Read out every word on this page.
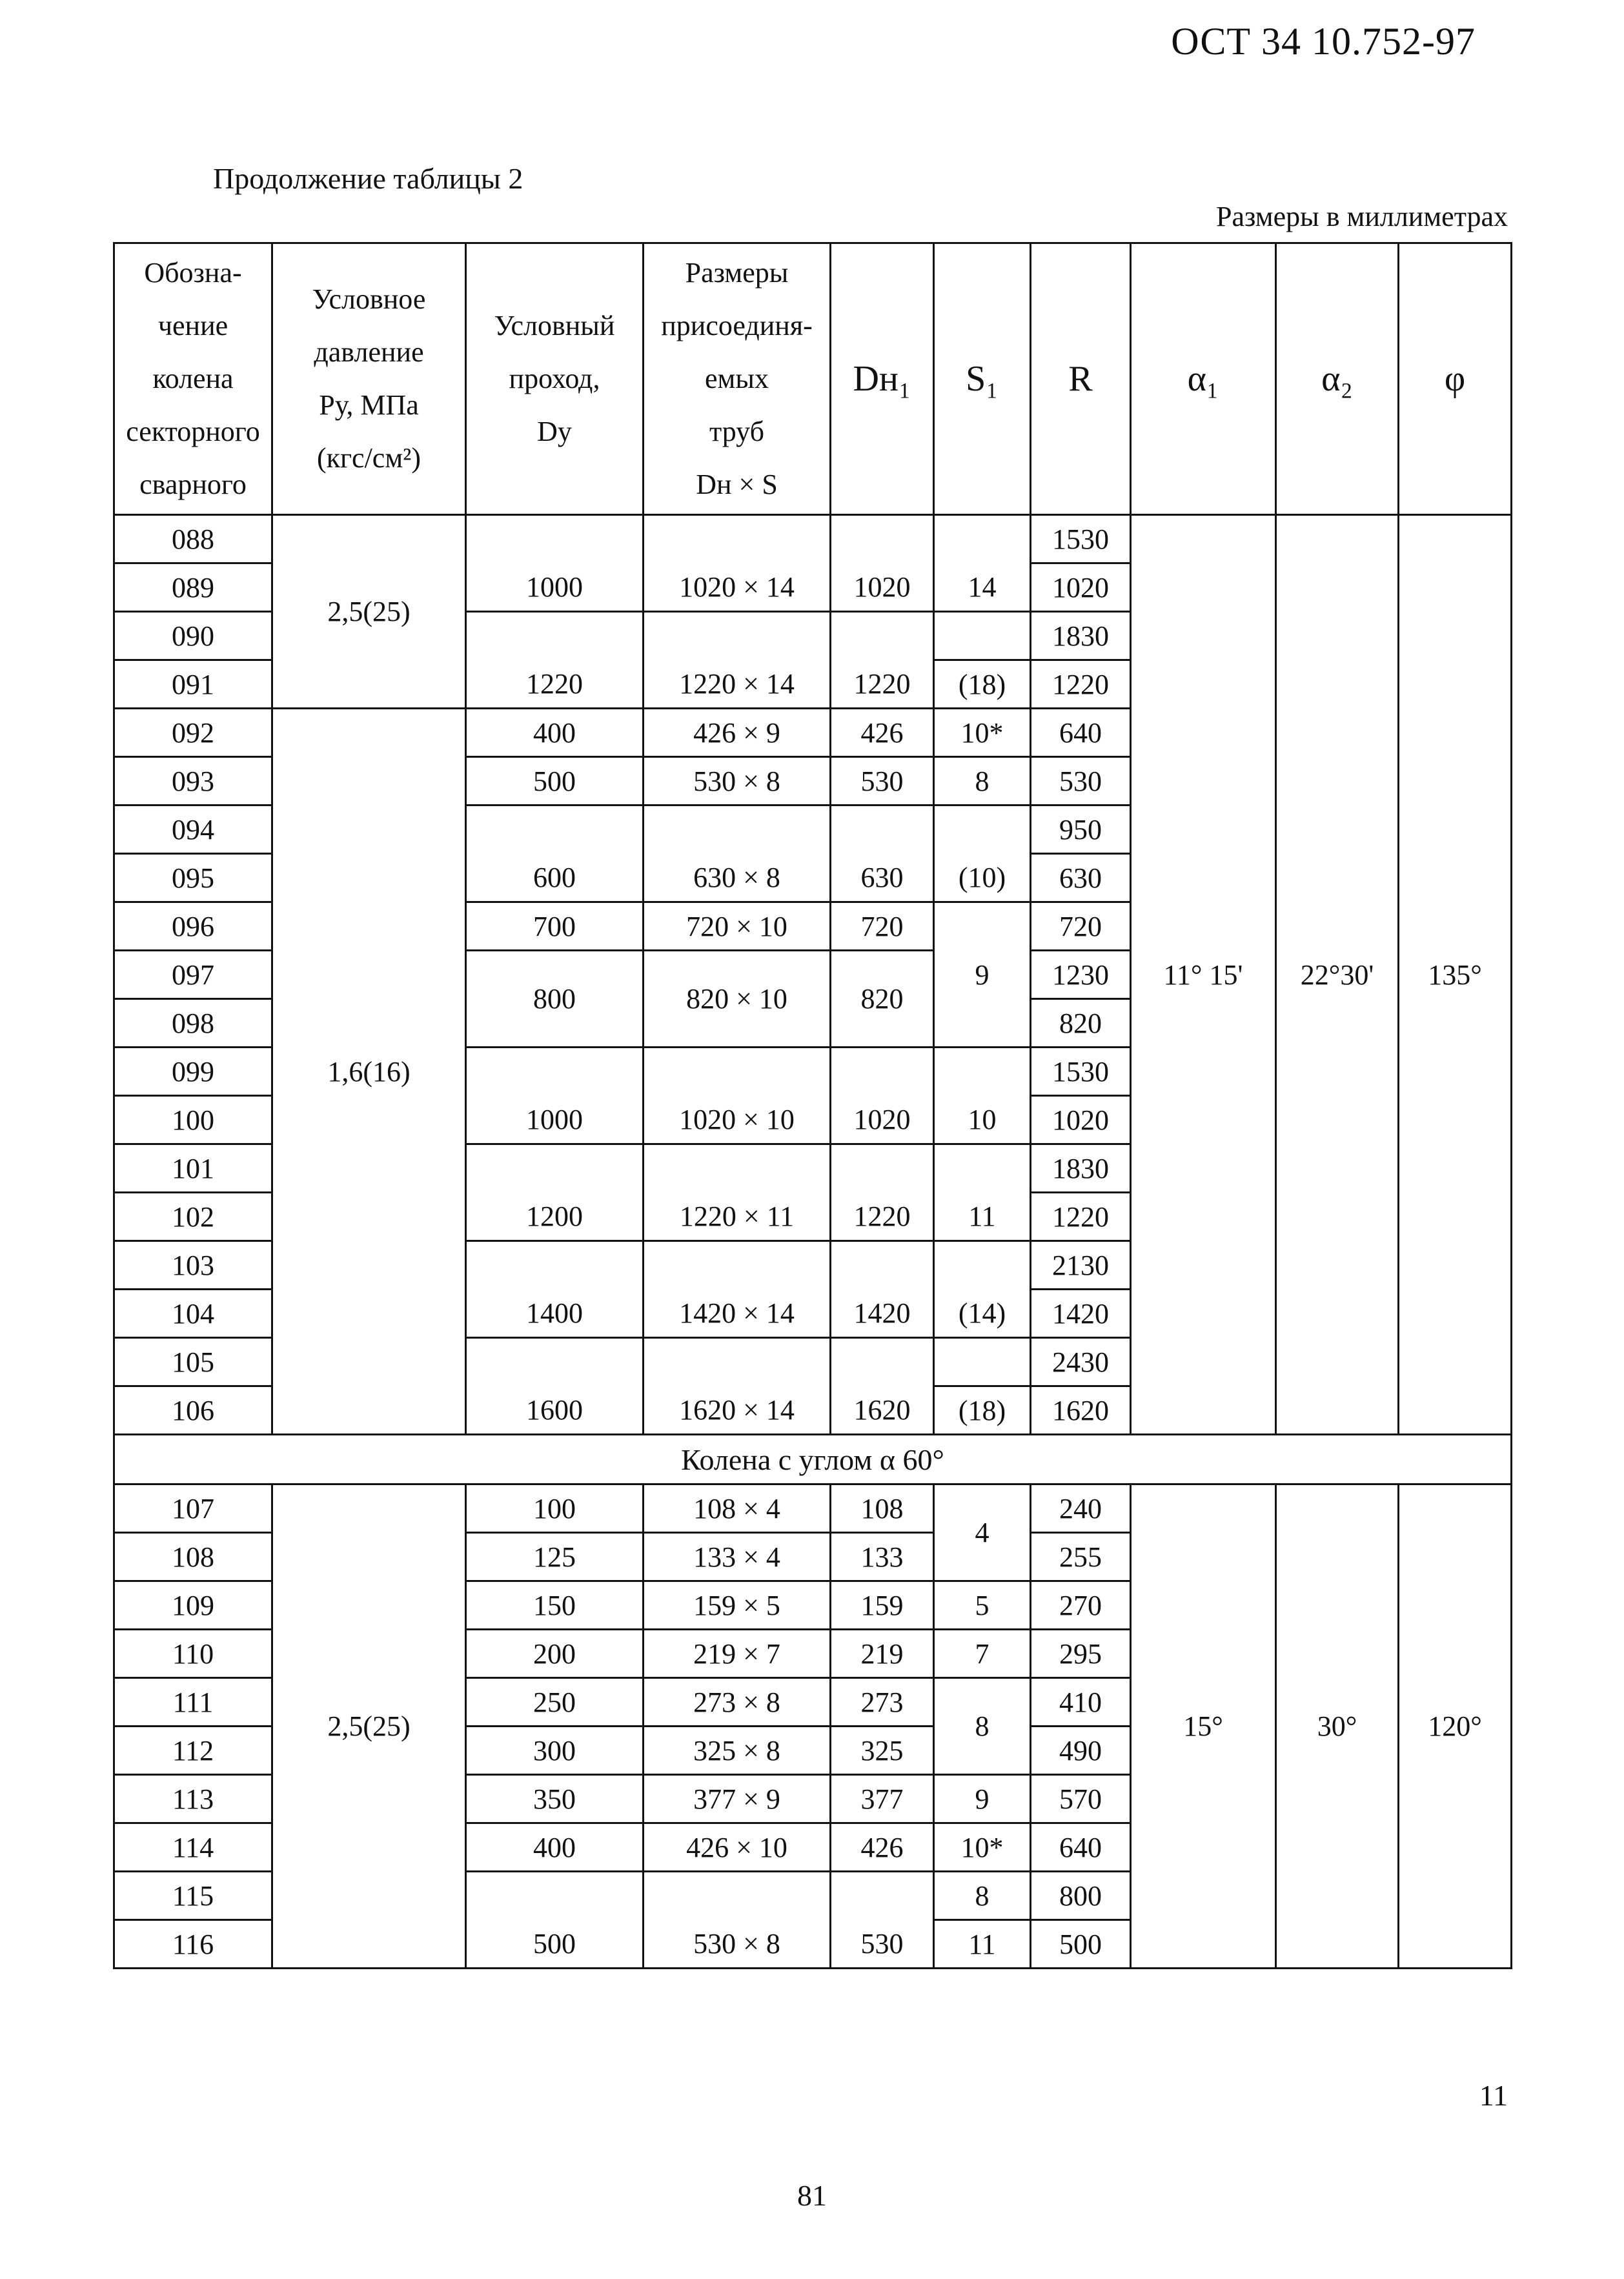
ОСТ 34 10.752-97
Продолжение таблицы 2
Размеры в миллиметрах
Обозна-
чение
колена
секторного
сварного	Условное
давление
Pу, МПа
(кгс/см²)	Условный
проход,
Dу	Размеры
присоединя-
емых
труб
Dн × S	Dн₁	S₁	R	α₁	α₂	φ
088	2,5(25)					1530	11° 15'	22°30'	135°
089		1000	1020 × 14	1020	14	1020			
090						1830			
091		1220	1220 × 14	1220	(18)	1220			
092	1,6(16)	400	426 × 9	426	10*	640			
093		500	530 × 8	530	8	530			
094						950			
095		600	630 × 8	630	(10)	630			
096		700	720 × 10	720	9	720			
097		800	820 × 10	820		1230			
098						820			
099						1530			
100		1000	1020 × 10	1020	10	1020			
101						1830			
102		1200	1220 × 11	1220	11	1220			
103						2130			
104		1400	1420 × 14	1420	(14)	1420			
105						2430			
106		1600	1620 × 14	1620	(18)	1620			
Колена с углом α 60°									
107	2,5(25)	100	108 × 4	108	4	240	15°	30°	120°
108		125	133 × 4	133		255			
109		150	159 × 5	159	5	270			
110		200	219 × 7	219	7	295			
111		250	273 × 8	273	8	410			
112		300	325 × 8	325		490			
113		350	377 × 9	377	9	570			
114		400	426 × 10	426	10*	640			
115					8	800			
116		500	530 × 8	530	11	500			
11
81
